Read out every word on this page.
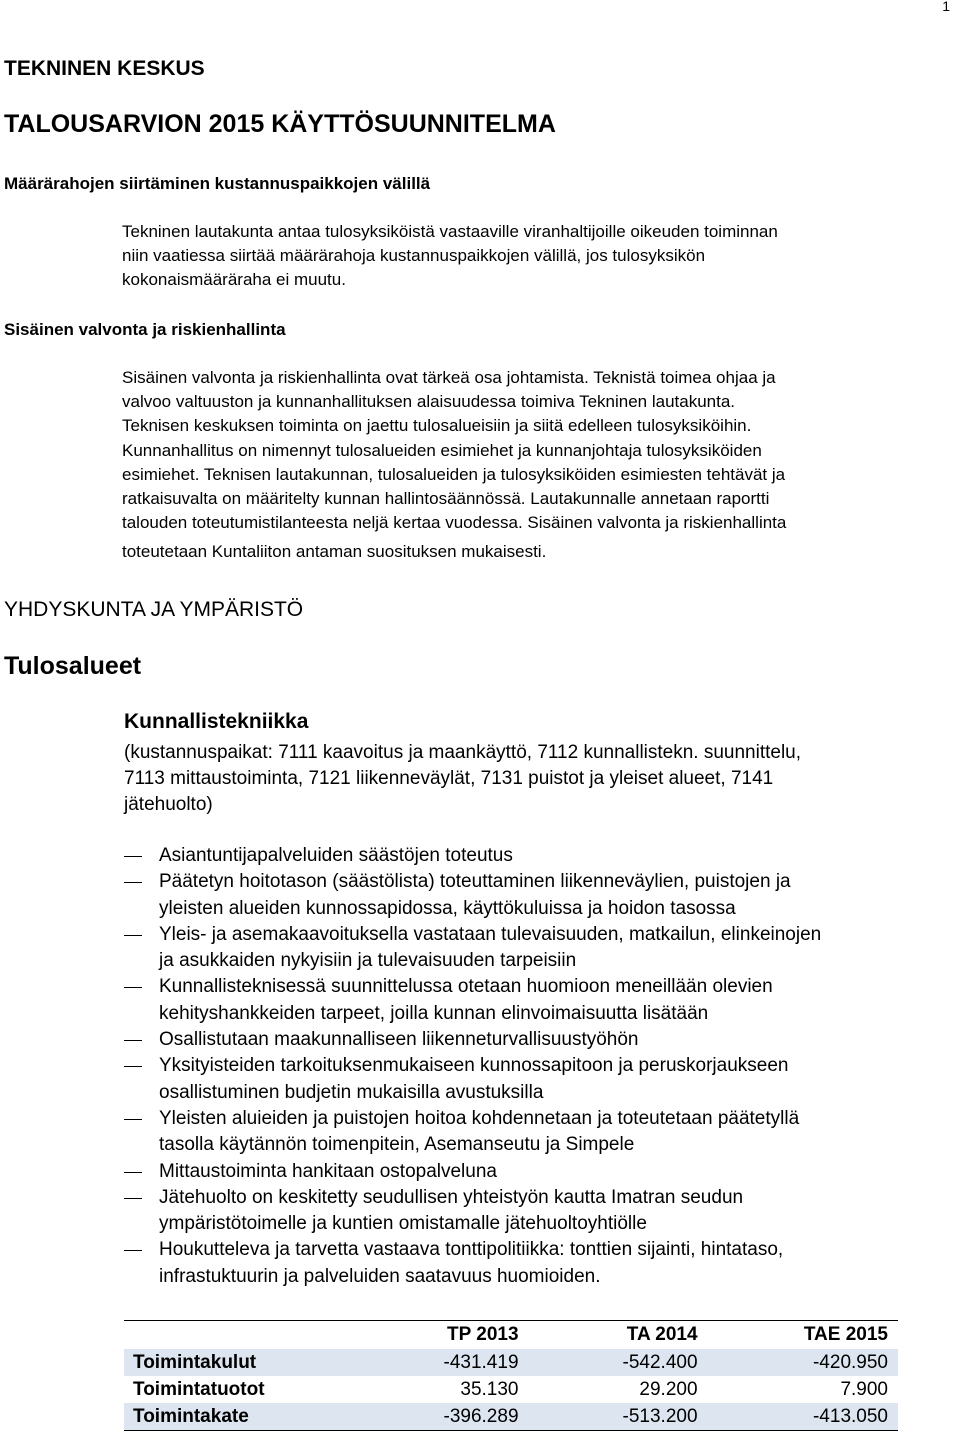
1
TEKNINEN KESKUS
TALOUSARVION 2015 KÄYTTÖSUUNNITELMA
Määrärahojen siirtäminen kustannuspaikkojen välillä
Tekninen lautakunta antaa tulosyksiköistä vastaaville viranhaltijoille oikeuden toiminnan
niin vaatiessa siirtää määrärahoja kustannuspaikkojen välillä, jos tulosyksikön
kokonaismääräraha ei muutu.
Sisäinen valvonta ja riskienhallinta
Sisäinen valvonta ja riskienhallinta ovat tärkeä osa johtamista. Teknistä toimea ohjaa ja
valvoo valtuuston ja kunnanhallituksen alaisuudessa toimiva Tekninen lautakunta.
Teknisen keskuksen toiminta on jaettu tulosalueisiin ja siitä edelleen tulosyksiköihin.
Kunnanhallitus on nimennyt tulosalueiden esimiehet ja kunnanjohtaja tulosyksiköiden
esimiehet. Teknisen lautakunnan, tulosalueiden ja tulosyksiköiden esimiesten tehtävät ja
ratkaisuvalta on määritelty kunnan hallintosäännössä. Lautakunnalle annetaan raportti
talouden toteutumistilanteesta neljä kertaa vuodessa. Sisäinen valvonta ja riskienhallinta
toteutetaan Kuntaliiton antaman suosituksen mukaisesti.
YHDYSKUNTA JA YMPÄRISTÖ
Tulosalueet
Kunnallistekniikka
(kustannuspaikat: 7111 kaavoitus ja maankäyttö, 7112 kunnallistekn. suunnittelu,
7113 mittaustoiminta, 7121 liikenneväylät, 7131 puistot ja yleiset alueet, 7141
jätehuolto)
Asiantuntijapalveluiden säästöjen toteutus
Päätetyn hoitotason (säästölista) toteuttaminen liikenneväylien, puistojen ja
yleisten alueiden kunnossapidossa, käyttökuluissa ja hoidon tasossa
Yleis- ja asemakaavoituksella vastataan tulevaisuuden, matkailun, elinkeinojen
ja asukkaiden nykyisiin ja tulevaisuuden tarpeisiin
Kunnallisteknisessä suunnittelussa otetaan huomioon meneillään olevien
kehityshankkeiden tarpeet, joilla kunnan elinvoimaisuutta lisätään
Osallistutaan maakunnalliseen liikenneturvallisuustyöhön
Yksityisteiden tarkoituksenmukaiseen kunnossapitoon ja peruskorjaukseen
osallistuminen budjetin mukaisilla avustuksilla
Yleisten aluieiden ja puistojen hoitoa kohdennetaan ja toteutetaan päätetyllä
tasolla käytännön toimenpitein, Asemanseutu ja Simpele
Mittaustoiminta hankitaan ostopalveluna
Jätehuolto on keskitetty seudullisen yhteistyön kautta Imatran seudun
ympäristötoimelle ja kuntien omistamalle jätehuoltoyhtiölle
Houkutteleva ja tarvetta vastaava tonttipolitiikka: tonttien sijainti, hintataso,
infrastuktuurin ja palveluiden saatavuus huomioiden.
	TP 2013	TA 2014	TAE 2015
Toimintakulut	-431.419	-542.400	-420.950
Toimintatuotot	35.130	29.200	7.900
Toimintakate	-396.289	-513.200	-413.050
